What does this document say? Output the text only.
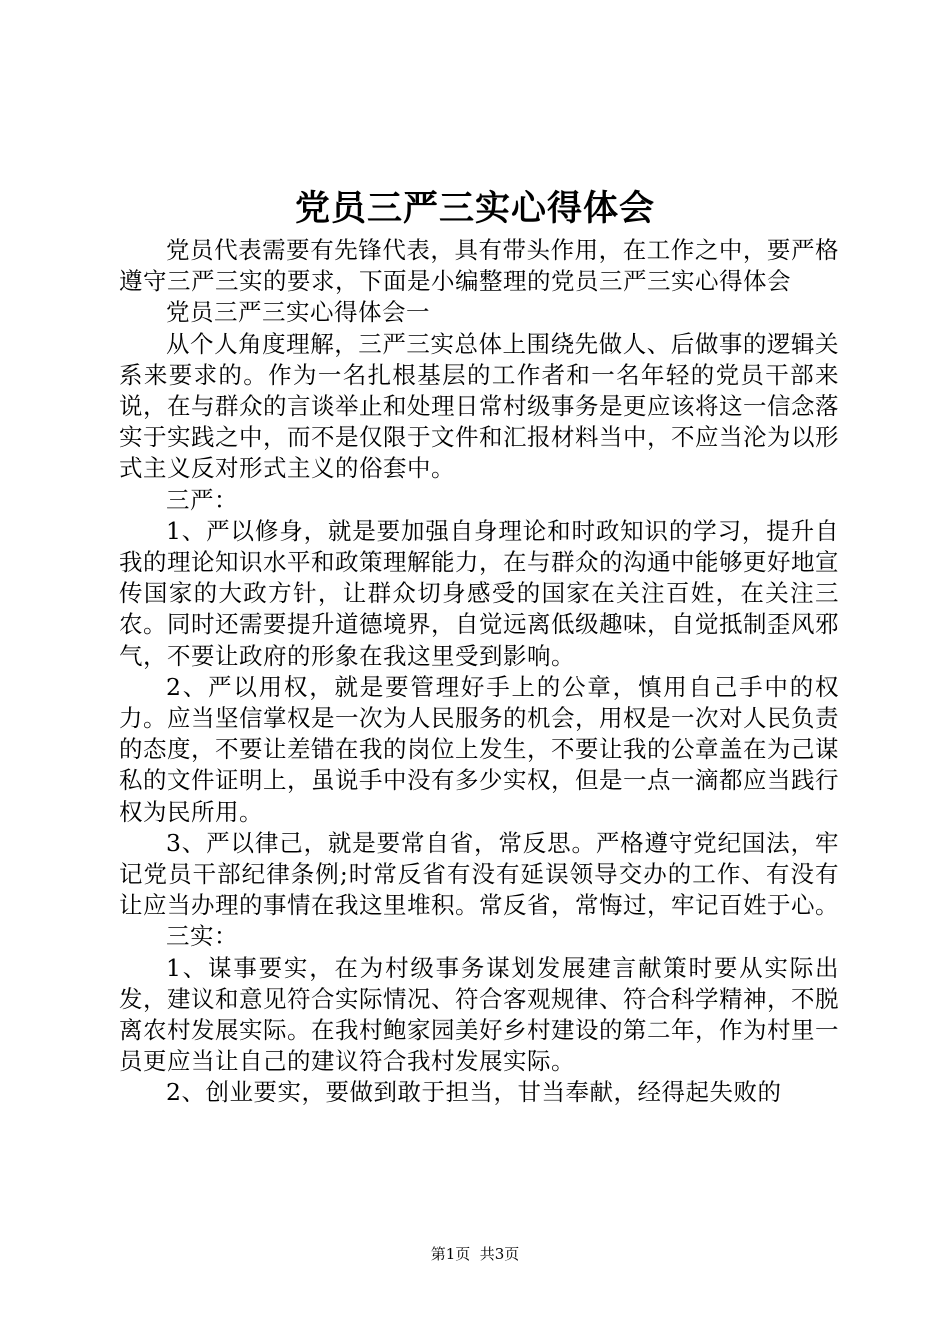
党员三严三实心得体会

党员代表需要有先锋代表，具有带头作用，在工作之中，要严格遵守三严三实的要求，下面是小编整理的党员三严三实心得体会

党员三严三实心得体会一

从个人角度理解，三严三实总体上围绕先做人、后做事的逻辑关系来要求的。作为一名扎根基层的工作者和一名年轻的党员干部来说，在与群众的言谈举止和处理日常村级事务是更应该将这一信念落实于实践之中，而不是仅限于文件和汇报材料当中，不应当沦为以形式主义反对形式主义的俗套中。

三严：

1、严以修身，就是要加强自身理论和时政知识的学习，提升自我的理论知识水平和政策理解能力，在与群众的沟通中能够更好地宣传国家的大政方针，让群众切身感受的国家在关注百姓，在关注三农。同时还需要提升道德境界，自觉远离低级趣味，自觉抵制歪风邪气，不要让政府的形象在我这里受到影响。

2、严以用权，就是要管理好手上的公章，慎用自己手中的权力。应当坚信掌权是一次为人民服务的机会，用权是一次对人民负责的态度，不要让差错在我的岗位上发生，不要让我的公章盖在为己谋私的文件证明上，虽说手中没有多少实权，但是一点一滴都应当践行权为民所用。

3、严以律己，就是要常自省，常反思。严格遵守党纪国法，牢记党员干部纪律条例;时常反省有没有延误领导交办的工作、有没有让应当办理的事情在我这里堆积。常反省，常悔过，牢记百姓于心。

三实：

1、谋事要实，在为村级事务谋划发展建言献策时要从实际出发，建议和意见符合实际情况、符合客观规律、符合科学精神，不脱离农村发展实际。在我村鲍家园美好乡村建设的第二年，作为村里一员更应当让自己的建议符合我村发展实际。

2、创业要实，要做到敢于担当，甘当奉献，经得起失败的

第1页  共3页
